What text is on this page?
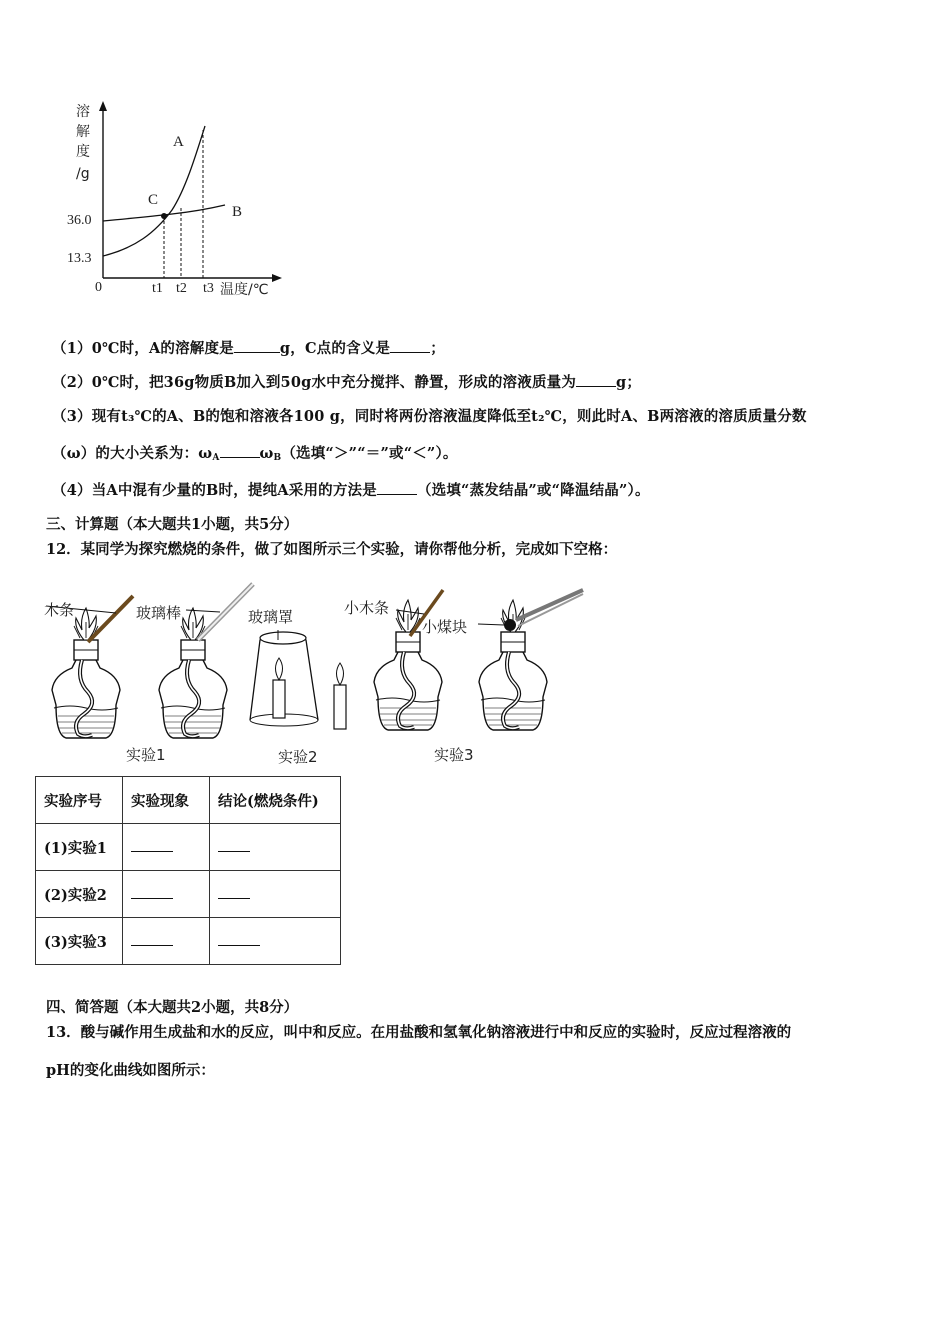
溶
解
度
/g
36.0
13.3
0	t1 t2 t3 温度/℃
A
B
C
（1）0℃时，A的溶解度是	g，C点的含义是	；
（2）0℃时，把36g物质B加入到50g水中充分搅拌、静置，形成的溶液质量为	g；
（3）现有t₃℃的A、B的饱和溶液各100 g，同时将两份溶液温度降低至t₂℃，则此时A、B两溶液的溶质质量分数
（ω）的大小关系为：$\omega_A$	$\omega_B$（选填“＞”“＝”或“＜”）。
（4）当A中混有少量的B时，提纯A采用的方法是	（选填“蒸发结晶”或“降温结晶”）。
三、计算题（本大题共1小题，共5分）
12．某同学为探究燃烧的条件，做了如图所示三个实验，请你帮他分析，完成如下空格：
木条	玻璃棒	玻璃罩	小木条
小煤块
实验1	实验2	实验3
实验序号	实验现象	结论(燃烧条件)
(1)实验1		
(2)实验2		
(3)实验3		
四、简答题（本大题共2小题，共8分）
13．酸与碱作用生成盐和水的反应，叫中和反应。在用盐酸和氢氧化钠溶液进行中和反应的实验时，反应过程溶液的
pH的变化曲线如图所示：
